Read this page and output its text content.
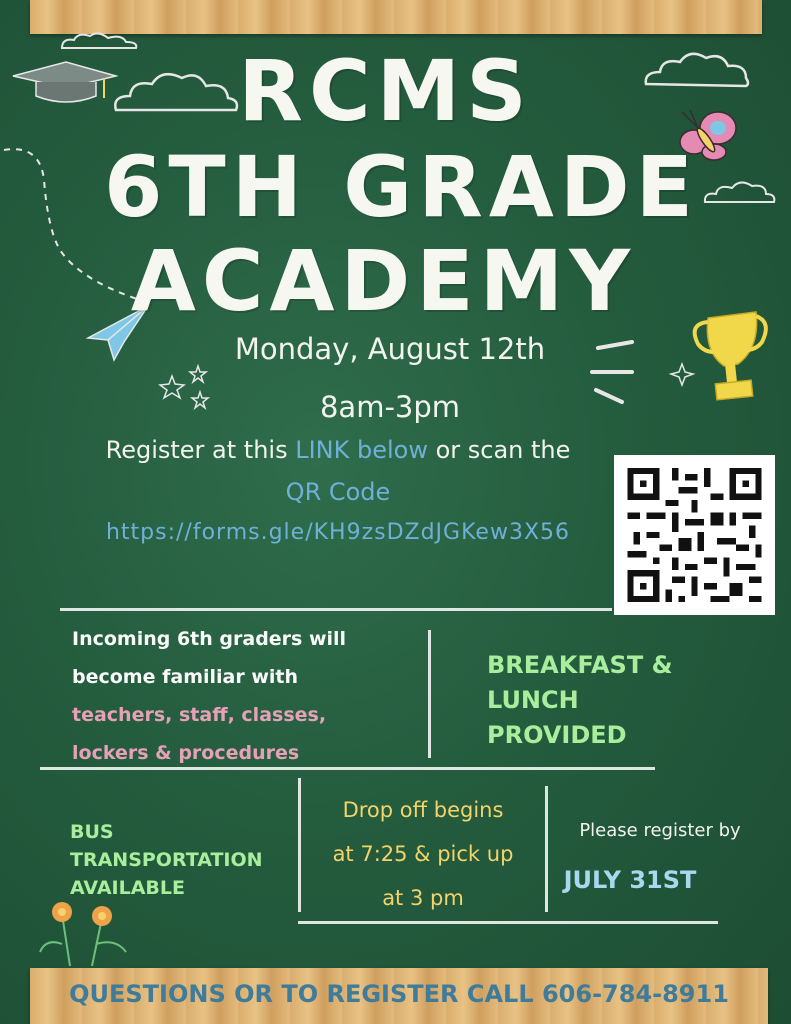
RCMS
6TH GRADE
ACADEMY
Monday, August 12th
8am-3pm
Register at this LINK below or scan the
QR Code
https://forms.gle/KH9zsDZdJGKew3X56
Incoming 6th graders will
become familiar with
teachers, staff, classes,
lockers & procedures
BREAKFAST &
LUNCH
PROVIDED
BUS
TRANSPORTATION
AVAILABLE
Drop off begins
at 7:25 & pick up
at 3 pm
Please register by
JULY 31ST
QUESTIONS OR TO REGISTER CALL 606-784-8911
